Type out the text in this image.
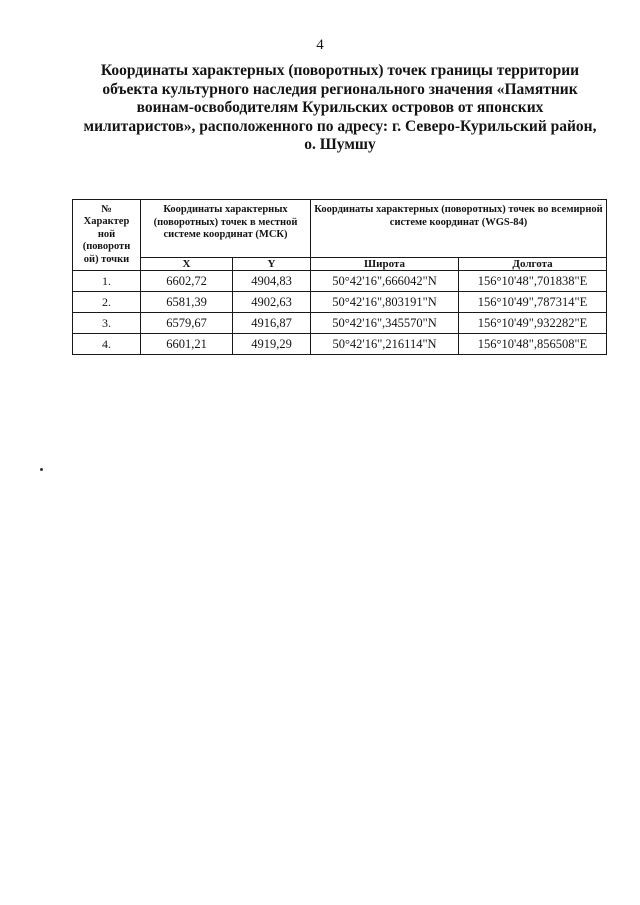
4
Координаты характерных (поворотных) точек границы территории
объекта культурного наследия регионального значения «Памятник
воинам-освободителям Курильских островов от японских
милитаристов», расположенного по адресу: г. Северо-Курильский район,
о. Шумшу
№
Характер
ной
(поворотн
ой) точки	Координаты характерных (поворотных) точек в местной системе координат (МСК)		Координаты характерных (поворотных) точек во всемирной системе координат (WGS-84)	
	X	Y	Широта	Долгота
1.	6602,72	4904,83	50°42'16",666042"N	156°10'48",701838"E
2.	6581,39	4902,63	50°42'16",803191"N	156°10'49",787314"E
3.	6579,67	4916,87	50°42'16",345570"N	156°10'49",932282"E
4.	6601,21	4919,29	50°42'16",216114"N	156°10'48",856508"E
